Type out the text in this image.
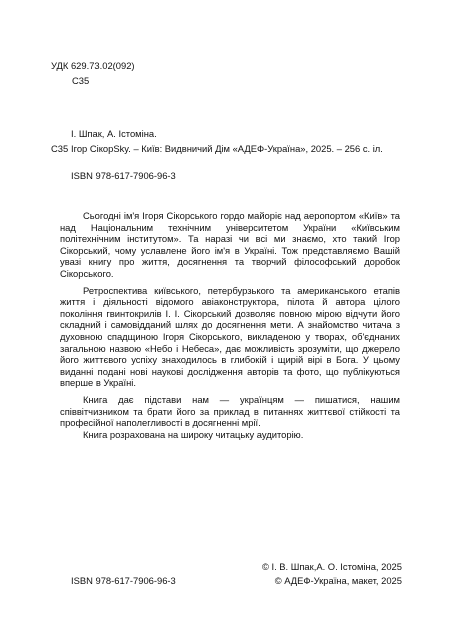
УДК 629.73.02(092)
С35
І. Шпак, А. Істоміна.
С35 Ігор СікорSky. – Київ: Видвничий Дім «АДЕФ-Україна», 2025. – 256 с. іл.
ISBN 978-617-7906-96-3

Сьогодні ім'я Ігоря Сікорського гордо майоріє над аеропортом «Київ» та над Національним технічним університетом України «Київським політехнічним інститутом». Та наразі чи всі ми знаємо, хто такий Ігор Сікорський, чому уславлене його ім'я в Україні. Тож представляємо Вашій увазі книгу про життя, досягнення та творчий філософський доробок Сікорського.

Ретроспектива київського, петербурзького та американського етапів життя і діяльності відомого авіаконструктора, пілота й автора цілого покоління гвинтокрилів І. І. Сікорський дозволяє повною мірою відчути його складний і самовідданий шлях до досягнення мети. А знайомство читача з духовною спадщиною Ігоря Сікорського, викладеною у творах, об'єднаних загальною назвою «Небо і Небеса», дає можливість зрозуміти, що джерело його життєвого успіху знаходилось в глибокій і щирій вірі в Бога. У цьому виданні подані нові наукові дослідження авторів та фото, що публікуються вперше в Україні.

Книга дає підстави нам — українцям — пишатися, нашим співвітчизником та брати його за приклад в питаннях життєвої стійкості та професійної наполегливості в досягненні мрії.

Книга розрахована на широку читацьку аудиторію.

ISBN 978-617-7906-96-3
© І. В. Шпак,А. О. Істоміна, 2025
© АДЕФ-Україна, макет, 2025
